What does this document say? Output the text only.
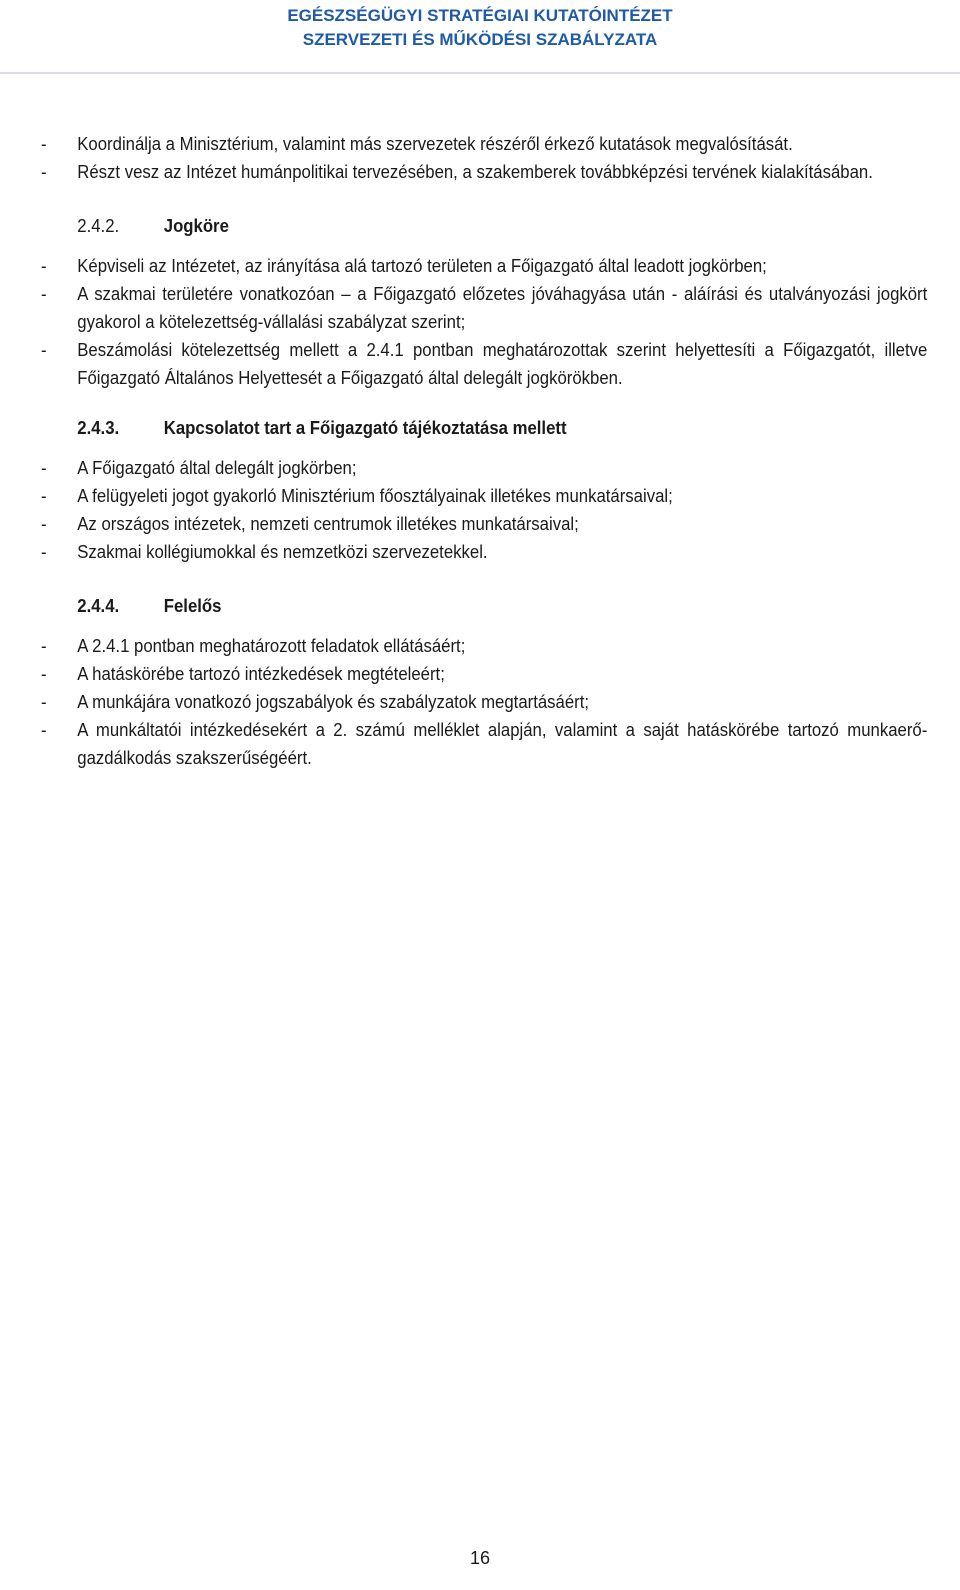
EGÉSZSÉGÜGYI STRATÉGIAI KUTATÓINTÉZET
SZERVEZETI ÉS MŰKÖDÉSI SZABÁLYZATA
- Koordinálja a Minisztérium, valamint más szervezetek részéről érkező kutatások megvalósítását.
- Részt vesz az Intézet humánpolitikai tervezésében, a szakemberek továbbképzési tervének kialakításában.
2.4.2.	Jogköre
- Képviseli az Intézetet, az irányítása alá tartozó területen a Főigazgató által leadott jogkörben;
- A szakmai területére vonatkozóan – a Főigazgató előzetes jóváhagyása után - aláírási és utalványozási jogkört gyakorol a kötelezettség-vállalási szabályzat szerint;
- Beszámolási kötelezettség mellett a 2.4.1 pontban meghatározottak szerint helyettesíti a Főigazgatót, illetve Főigazgató Általános Helyettesét a Főigazgató által delegált jogkörökben.
2.4.3.	Kapcsolatot tart a Főigazgató tájékoztatása mellett
- A Főigazgató által delegált jogkörben;
- A felügyeleti jogot gyakorló Minisztérium főosztályainak illetékes munkatársaival;
- Az országos intézetek, nemzeti centrumok illetékes munkatársaival;
- Szakmai kollégiumokkal és nemzetközi szervezetekkel.
2.4.4.	Felelős
- A 2.4.1 pontban meghatározott feladatok ellátásáért;
- A hatáskörébe tartozó intézkedések megtételeért;
- A munkájára vonatkozó jogszabályok és szabályzatok megtartásáért;
- A munkáltatói intézkedésekért a 2. számú melléklet alapján, valamint a saját hatáskörébe tartozó munkaerő-gazdálkodás szakszerűségéért.
16
